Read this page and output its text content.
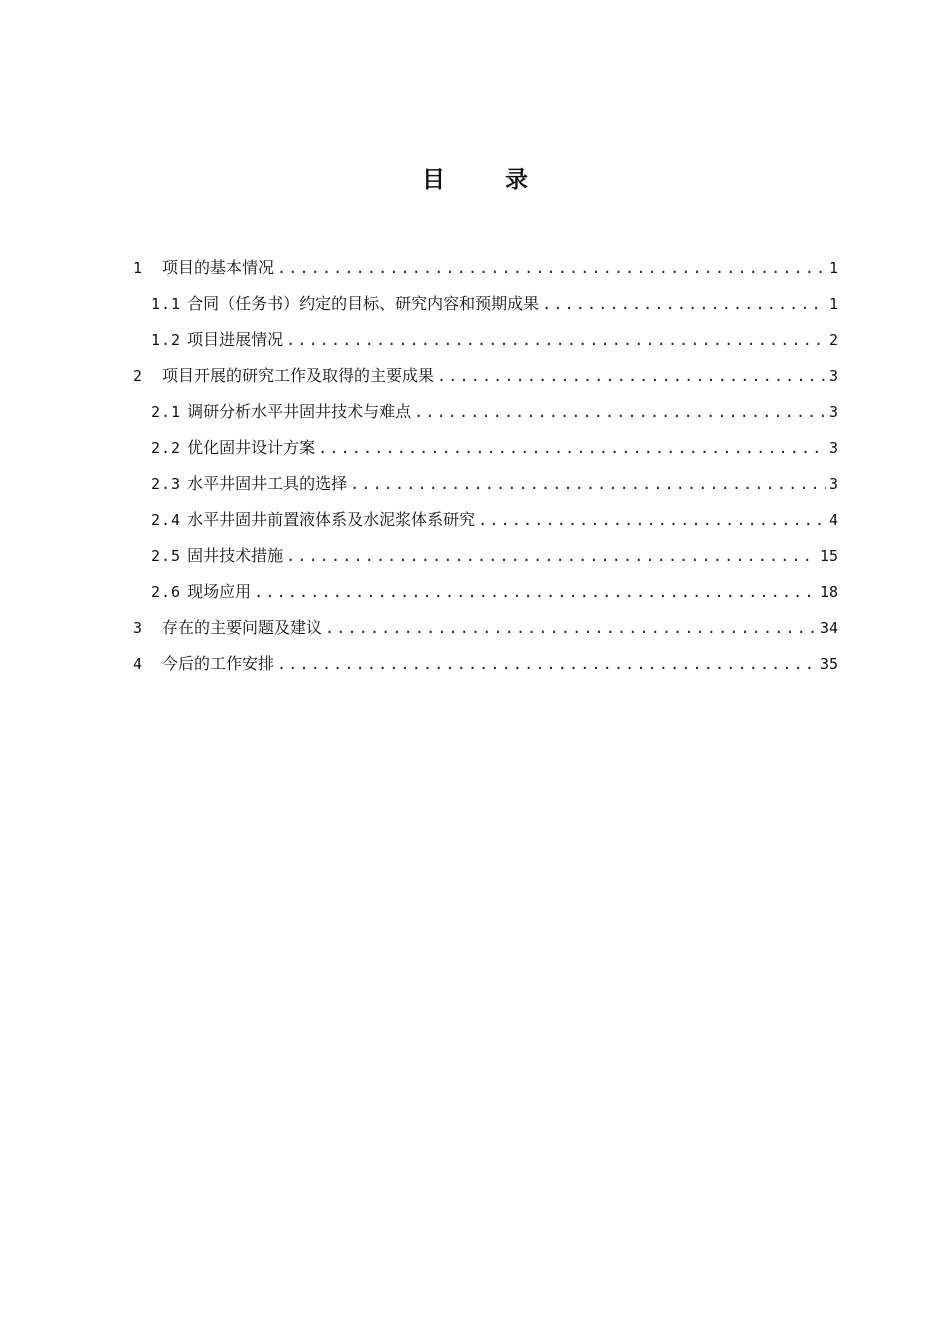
目 录
1	项目的基本情况 .....	1
1.1 合同（任务书）约定的目标、研究内容和预期成果 .....	1
1.2 项目进展情况 .....	2
2	项目开展的研究工作及取得的主要成果 .....	3
2.1 调研分析水平井固井技术与难点 .....	3
2.2 优化固井设计方案 .....	3
2.3 水平井固井工具的选择 .....	3
2.4 水平井固井前置液体系及水泥浆体系研究 .....	4
2.5 固井技术措施 .....	15
2.6 现场应用 .....	18
3	存在的主要问题及建议 .....	34
4	今后的工作安排 .....	35
